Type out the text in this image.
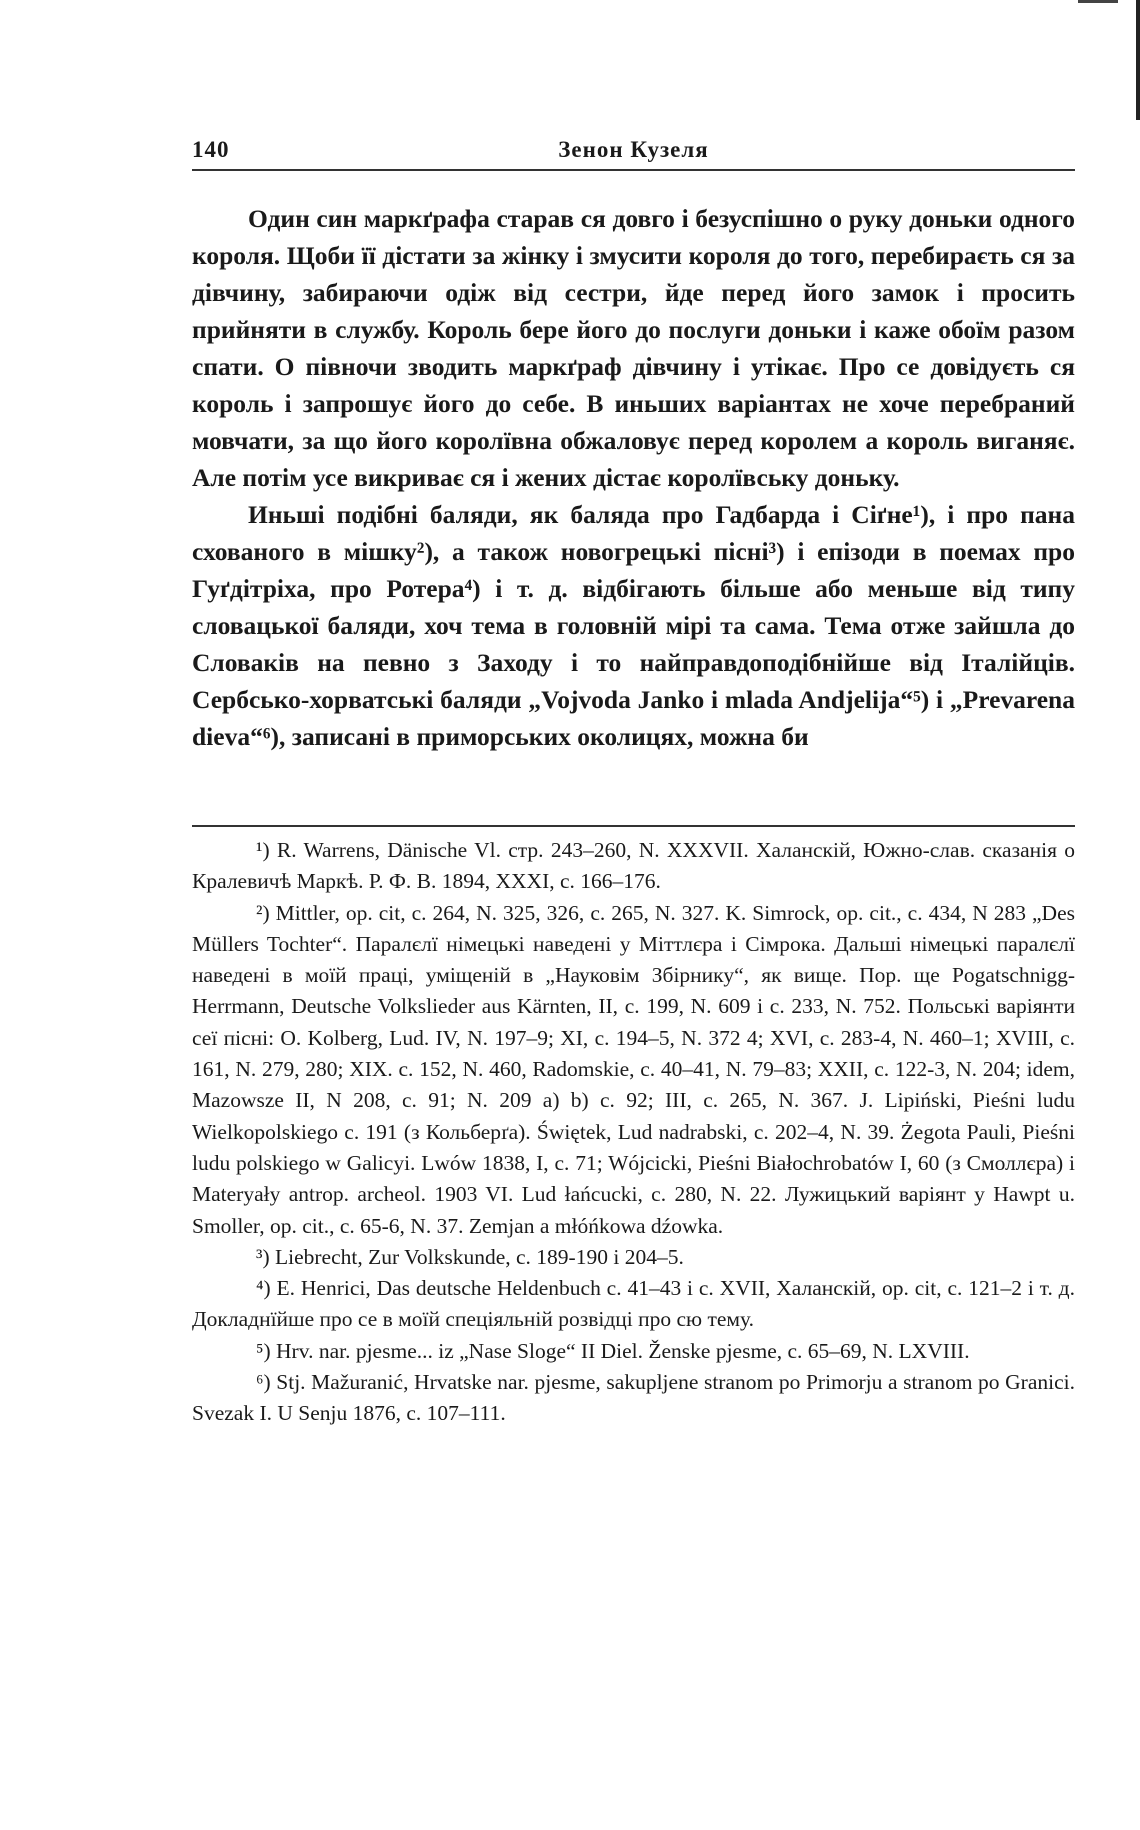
140	Зенон Кузеля

Один син маркґрафа старав ся довго і безуспішно о руку доньки одного короля. Щоби її дістати за жінку і змусити короля до того, перебираєть ся за дівчину, забираючи одіж від сестри, йде перед його замок і просить прийняти в службу. Король бере його до послуги доньки і каже обоїм разом спати. О півночи зводить маркґраф дівчину і утікає. Про се довідуєть ся король і запрошує його до себе. В иньших варіантах не хоче перебраний мовчати, за що його королївна обжаловує перед королем а король виганяє. Але потім усе викриває ся і жених дістає королївську доньку.

Иньші подібні баляди, як баляда про Гадбарда і Сіґне¹), і про пана схованого в мішку²), а також новогрецькі пісні³) і епізоди в поемах про Гуґдітріха, про Ротера⁴) і т. д. відбігають більше або меньше від типу словацької баляди, хоч тема в головній мірі та сама. Тема отже зайшла до Словаків на певно з Заходу і то найправдоподібнійше від Італійців. Сербсько-хорватські баляди „Vojvoda Janko i mlada Andjelija“⁵) і „Prevarena dieva“⁶), записані в приморських околицях, можна би

¹) R. Warrens, Dänische Vl. стр. 243–260, N. XXXVII. Халанскій, Южно-слав. сказанія о Кралевичѣ Маркѣ. Р. Ф. В. 1894, XXXI, с. 166–176.

²) Mittler, op. cit, c. 264, N. 325, 326, c. 265, N. 327. K. Simrock, op. cit., c. 434, N 283 „Des Müllers Tochter“. Паралєлї німецькі наведені у Міттлєра і Сімрока. Дальші німецькі паралєлї наведені в моїй праці, уміщеній в „Науковім Збірнику“, як вище. Пор. ще Pogatschnigg-Herrmann, Deutsche Volkslieder aus Kärnten, II, c. 199, N. 609 і c. 233, N. 752. Польські варіянти сеї пісні: O. Kolberg, Lud. IV, N. 197–9; XI, c. 194–5, N. 372 4; XVI, c. 283-4, N. 460–1; XVIII, c. 161, N. 279, 280; XIX. c. 152, N. 460, Radomskie, c. 40–41, N. 79–83; XXII, c. 122-3, N. 204; idem, Mazowsze II, N 208, c. 91; N. 209 a) b) c. 92; III, c. 265, N. 367. J. Lipiński, Pieśni ludu Wielkopolskiego c. 191 (з Кольберґа). Świętek, Lud nadrabski, c. 202–4, N. 39. Żegota Pauli, Pieśni ludu polskiego w Galicyi. Lwów 1838, I, c. 71; Wójcicki, Pieśni Białochrobatów I, 60 (з Смоллєра) і Materyały antrop. archeol. 1903 VI. Lud łańcucki, c. 280, N. 22. Лужицький варіянт у Hawpt u. Smoller, op. cit., c. 65-6, N. 37. Zemjan a młóńkowa dźowka.

³) Liebrecht, Zur Volkskunde, c. 189-190 і 204–5.

⁴) E. Henrici, Das deutsche Heldenbuch c. 41–43 і c. XVII, Халанскій, op. cit, c. 121–2 і т. д. Докладнїйше про се в моїй спеціяльній розвідці про сю тему.

⁵) Hrv. nar. pjesme... iz „Nase Sloge“ II Diel. Ženske pjesme, c. 65–69, N. LXVIII.

⁶) Stj. Mažuranić, Hrvatske nar. pjesme, sakupljene stranom po Primorju a stranom po Granici. Svezak I. U Senju 1876, c. 107–111.
